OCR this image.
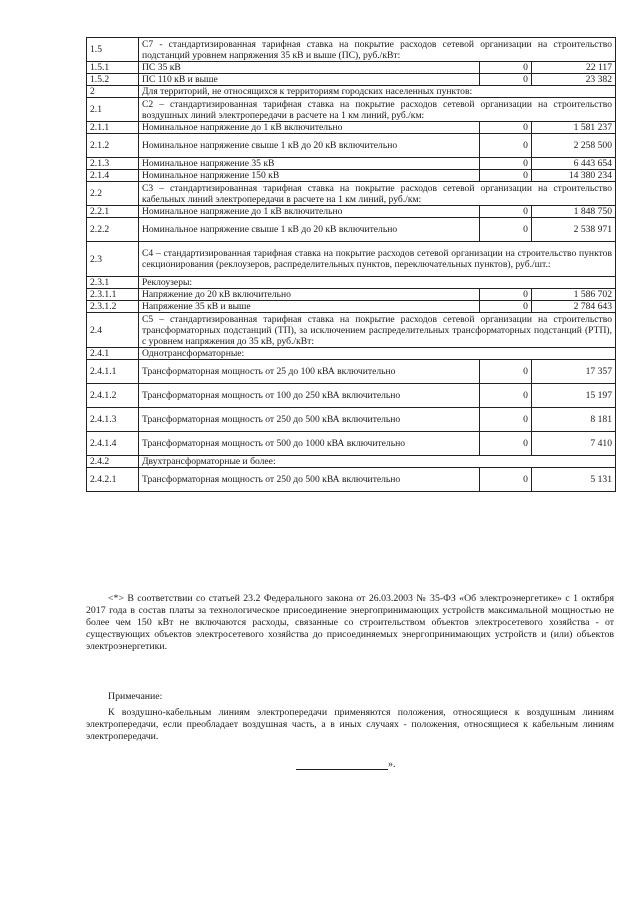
1.5	С7 - стандартизированная тарифная ставка на покрытие расходов сетевой организации на строительство подстанций уровнем напряжения 35 кВ и выше (ПС), руб./кВт:		
1.5.1	ПС 35 кВ	0	22 117
1.5.2	ПС 110 кВ и выше	0	23 382
2	Для территорий, не относящихся к территориям городских населенных пунктов:		
2.1	С2 – стандартизированная тарифная ставка на покрытие расходов сетевой организации на строительство воздушных линий электропередачи в расчете на 1 км линий, руб./км:		
2.1.1	Номинальное напряжение до 1 кВ включительно	0	1 581 237
2.1.2	Номинальное напряжение свыше 1 кВ до 20 кВ включительно	0	2 258 500
2.1.3	Номинальное напряжение 35 кВ	0	6 443 654
2.1.4	Номинальное напряжение 150 кВ	0	14 380 234
2.2	С3 – стандартизированная тарифная ставка на покрытие расходов сетевой организации на строительство кабельных линий электропередачи в расчете на 1 км линий, руб./км:		
2.2.1	Номинальное напряжение до 1 кВ включительно	0	1 848 750
2.2.2	Номинальное напряжение свыше 1 кВ до 20 кВ включительно	0	2 538 971
2.3	С4 – стандартизированная тарифная ставка на покрытие расходов сетевой организации на строительство пунктов секционирования (реклоузеров, распределительных пунктов, переключательных пунктов), руб./шт.:		
2.3.1	Реклоузеры:		
2.3.1.1	Напряжение до 20 кВ включительно	0	1 586 702
2.3.1.2	Напряжение 35 кВ и выше	0	2 784 643
2.4	С5 – стандартизированная тарифная ставка на покрытие расходов сетевой организации на строительство трансформаторных подстанций (ТП), за исключением распределительных трансформаторных подстанций (РТП), с уровнем напряжения до 35 кВ, руб./кВт:		
2.4.1	Однотрансформаторные:		
2.4.1.1	Трансформаторная мощность от 25 до 100 кВА включительно	0	17 357
2.4.1.2	Трансформаторная мощность от 100 до 250 кВА включительно	0	15 197
2.4.1.3	Трансформаторная мощность от 250 до 500 кВА включительно	0	8 181
2.4.1.4	Трансформаторная мощность от 500 до 1000 кВА включительно	0	7 410
2.4.2	Двухтрансформаторные и более:		
2.4.2.1	Трансформаторная мощность от 250 до 500 кВА включительно	0	5 131

<*> В соответствии со статьей 23.2 Федерального закона от 26.03.2003 № 35-ФЗ «Об электроэнергетике» с 1 октября 2017 года в состав платы за технологическое присоединение энергопринимающих устройств максимальной мощностью не более чем 150 кВт не включаются расходы, связанные со строительством объектов электросетевого хозяйства - от существующих объектов электросетевого хозяйства до присоединяемых энергопринимающих устройств и (или) объектов электроэнергетики.

Примечание:

К воздушно-кабельным линиям электропередачи применяются положения, относящиеся к воздушным линиям электропередачи, если преобладает воздушная часть, а в иных случаях - положения, относящиеся к кабельным линиям электропередачи.

».
